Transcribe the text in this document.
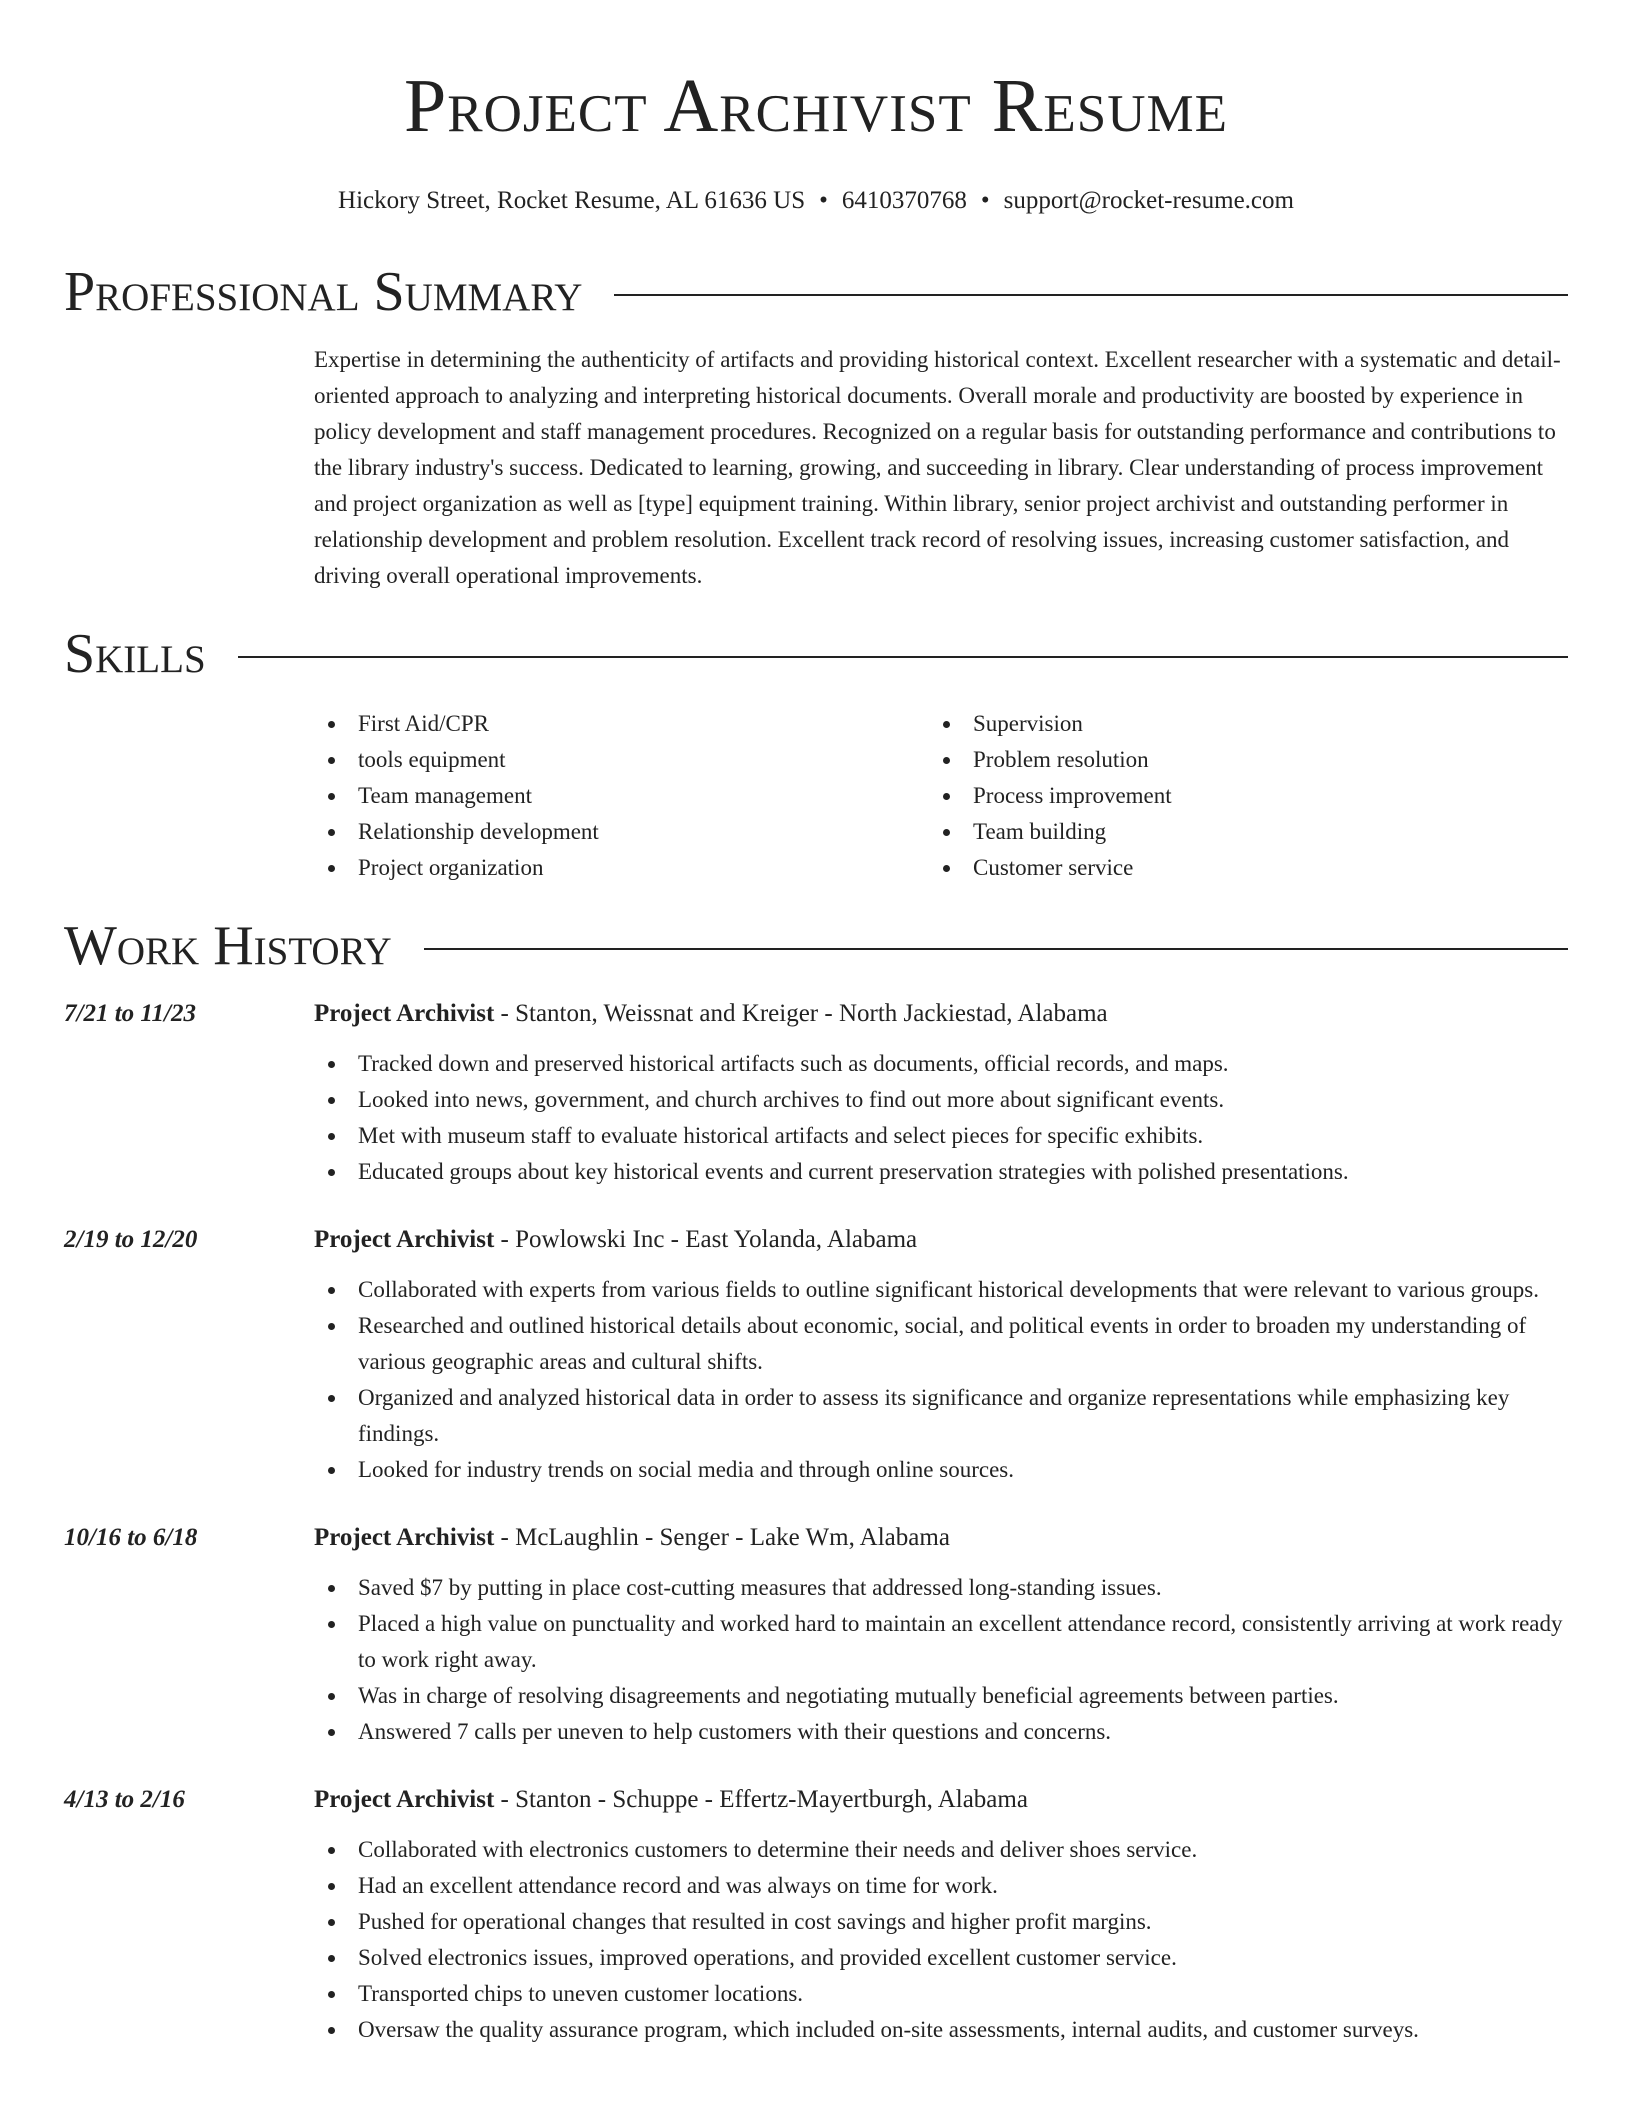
Project Archivist Resume
Hickory Street, Rocket Resume, AL 61636 US • 6410370768 • support@rocket-resume.com
Professional Summary
Expertise in determining the authenticity of artifacts and providing historical context. Excellent researcher with a systematic and detail-oriented approach to analyzing and interpreting historical documents. Overall morale and productivity are boosted by experience in policy development and staff management procedures. Recognized on a regular basis for outstanding performance and contributions to the library industry's success. Dedicated to learning, growing, and succeeding in library. Clear understanding of process improvement and project organization as well as [type] equipment training. Within library, senior project archivist and outstanding performer in relationship development and problem resolution. Excellent track record of resolving issues, increasing customer satisfaction, and driving overall operational improvements.
Skills
First Aid/CPR
tools equipment
Team management
Relationship development
Project organization
Supervision
Problem resolution
Process improvement
Team building
Customer service
Work History
7/21 to 11/23	Project Archivist - Stanton, Weissnat and Kreiger - North Jackiestad, Alabama
Tracked down and preserved historical artifacts such as documents, official records, and maps.
Looked into news, government, and church archives to find out more about significant events.
Met with museum staff to evaluate historical artifacts and select pieces for specific exhibits.
Educated groups about key historical events and current preservation strategies with polished presentations.
2/19 to 12/20	Project Archivist - Powlowski Inc - East Yolanda, Alabama
Collaborated with experts from various fields to outline significant historical developments that were relevant to various groups.
Researched and outlined historical details about economic, social, and political events in order to broaden my understanding of various geographic areas and cultural shifts.
Organized and analyzed historical data in order to assess its significance and organize representations while emphasizing key findings.
Looked for industry trends on social media and through online sources.
10/16 to 6/18	Project Archivist - McLaughlin - Senger - Lake Wm, Alabama
Saved $7 by putting in place cost-cutting measures that addressed long-standing issues.
Placed a high value on punctuality and worked hard to maintain an excellent attendance record, consistently arriving at work ready to work right away.
Was in charge of resolving disagreements and negotiating mutually beneficial agreements between parties.
Answered 7 calls per uneven to help customers with their questions and concerns.
4/13 to 2/16	Project Archivist - Stanton - Schuppe - Effertz-Mayertburgh, Alabama
Collaborated with electronics customers to determine their needs and deliver shoes service.
Had an excellent attendance record and was always on time for work.
Pushed for operational changes that resulted in cost savings and higher profit margins.
Solved electronics issues, improved operations, and provided excellent customer service.
Transported chips to uneven customer locations.
Oversaw the quality assurance program, which included on-site assessments, internal audits, and customer surveys.
